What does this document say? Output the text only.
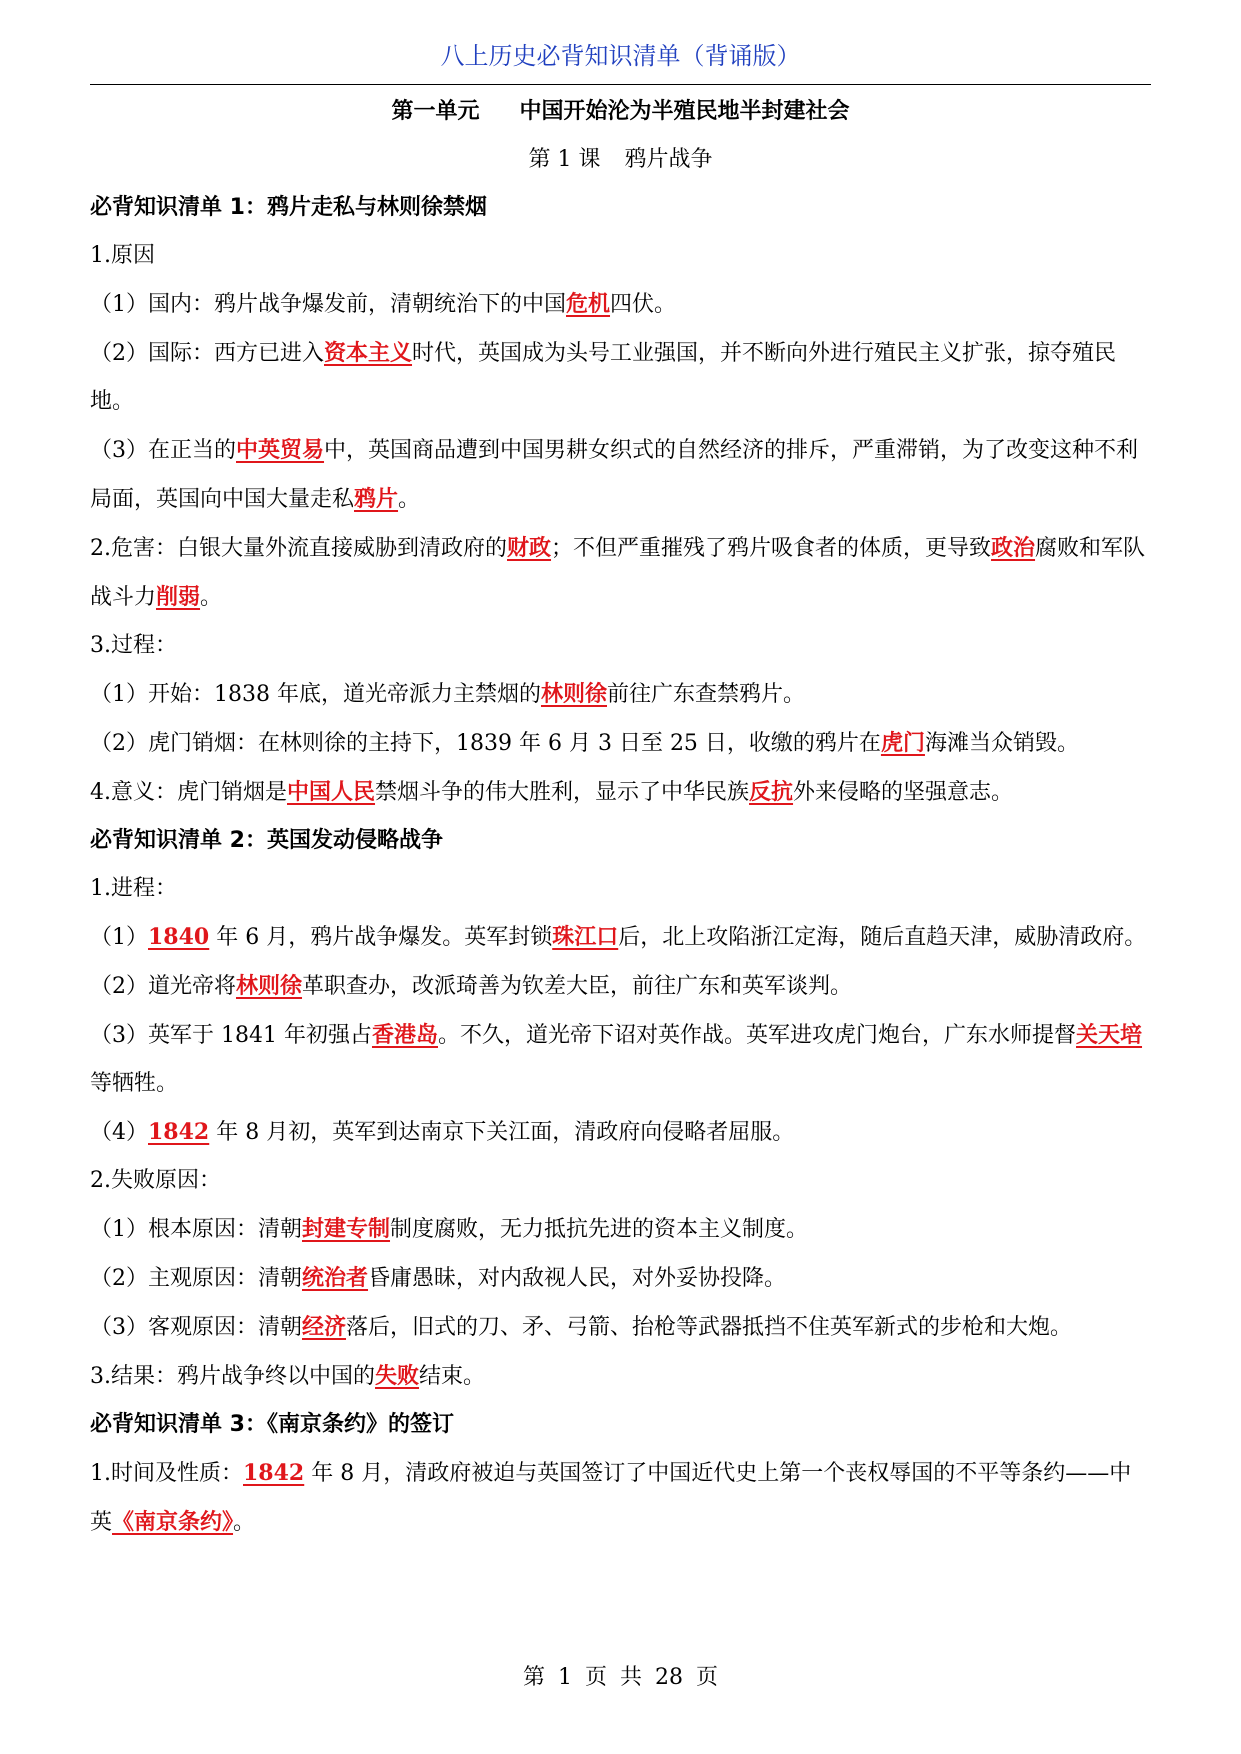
八上历史必背知识清单（背诵版）

第一单元 中国开始沦为半殖民地半封建社会

第 1 课 鸦片战争

必背知识清单 1：鸦片走私与林则徐禁烟

1.原因

（1）国内：鸦片战争爆发前，清朝统治下的中国危机四伏。

（2）国际：西方已进入资本主义时代，英国成为头号工业强国，并不断向外进行殖民主义扩张，掠夺殖民地。

（3）在正当的中英贸易中，英国商品遭到中国男耕女织式的自然经济的排斥，严重滞销，为了改变这种不利局面，英国向中国大量走私鸦片。

2.危害：白银大量外流直接威胁到清政府的财政；不但严重摧残了鸦片吸食者的体质，更导致政治腐败和军队战斗力削弱。

3.过程：

（1）开始：1838 年底，道光帝派力主禁烟的林则徐前往广东查禁鸦片。

（2）虎门销烟：在林则徐的主持下，1839 年 6 月 3 日至 25 日，收缴的鸦片在虎门海滩当众销毁。

4.意义：虎门销烟是中国人民禁烟斗争的伟大胜利，显示了中华民族反抗外来侵略的坚强意志。

必背知识清单 2：英国发动侵略战争

1.进程：

（1）1840 年 6 月，鸦片战争爆发。英军封锁珠江口后，北上攻陷浙江定海，随后直趋天津，威胁清政府。

（2）道光帝将林则徐革职查办，改派琦善为钦差大臣，前往广东和英军谈判。

（3）英军于 1841 年初强占香港岛。不久，道光帝下诏对英作战。英军进攻虎门炮台，广东水师提督关天培等牺牲。

（4）1842 年 8 月初，英军到达南京下关江面，清政府向侵略者屈服。

2.失败原因：

（1）根本原因：清朝封建专制制度腐败，无力抵抗先进的资本主义制度。

（2）主观原因：清朝统治者昏庸愚昧，对内敌视人民，对外妥协投降。

（3）客观原因：清朝经济落后，旧式的刀、矛、弓箭、抬枪等武器抵挡不住英军新式的步枪和大炮。

3.结果：鸦片战争终以中国的失败结束。

必背知识清单 3：《南京条约》的签订

1.时间及性质：1842 年 8 月，清政府被迫与英国签订了中国近代史上第一个丧权辱国的不平等条约——中英《南京条约》。

第 1 页 共 28 页
